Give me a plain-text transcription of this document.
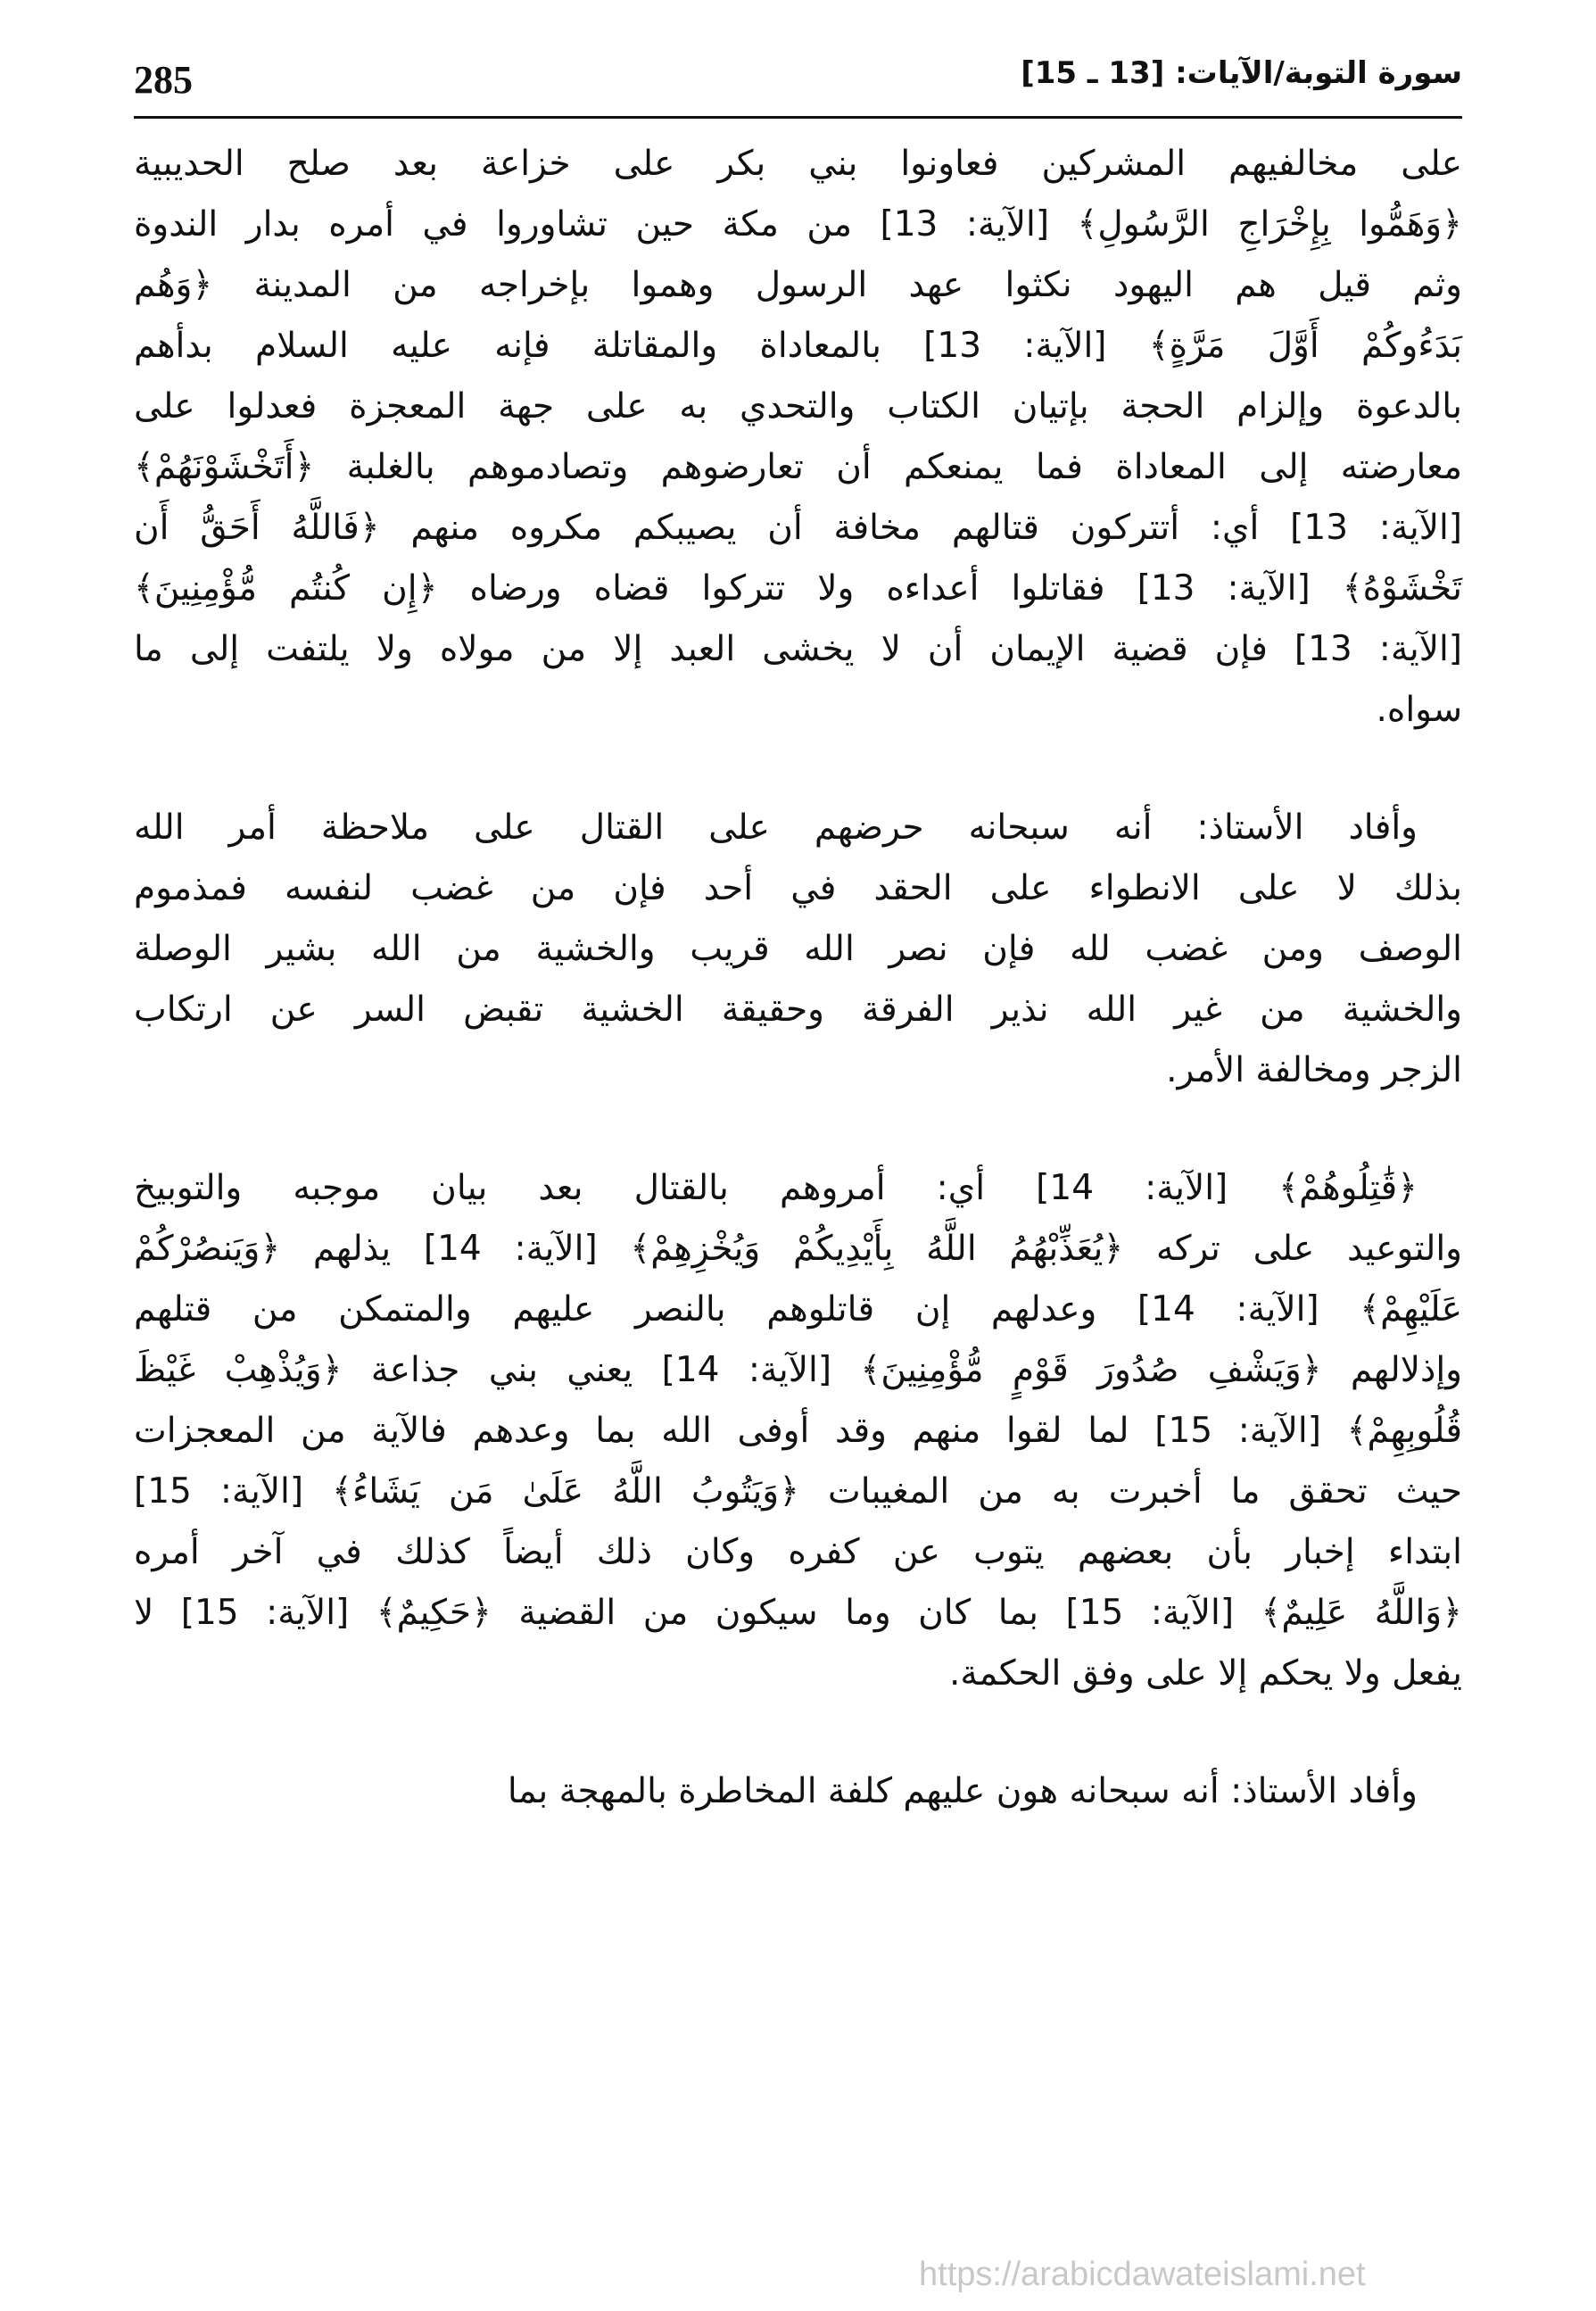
285	سورة التوبة/الآيات: [13 ـ 15]
على مخالفيهم المشركين فعاونوا بني بكر على خزاعة بعد صلح الحديبية
﴿وَهَمُّوا بِإِخْرَاجِ الرَّسُولِ﴾ [الآية: 13] من مكة حين تشاوروا في أمره بدار الندوة
وثم قيل هم اليهود نكثوا عهد الرسول وهموا بإخراجه من المدينة ﴿وَهُم
بَدَءُوكُمْ أَوَّلَ مَرَّةٍ﴾ [الآية: 13] بالمعاداة والمقاتلة فإنه عليه السلام بدأهم
بالدعوة وإلزام الحجة بإتيان الكتاب والتحدي به على جهة المعجزة فعدلوا على
معارضته إلى المعاداة فما يمنعكم أن تعارضوهم وتصادموهم بالغلبة ﴿أَتَخْشَوْنَهُمْ﴾
[الآية: 13] أي: أتتركون قتالهم مخافة أن يصيبكم مكروه منهم ﴿فَاللَّهُ أَحَقُّ أَن
تَخْشَوْهُ﴾ [الآية: 13] فقاتلوا أعداءه ولا تتركوا قضاه ورضاه ﴿إِن كُنتُم مُّؤْمِنِينَ﴾
[الآية: 13] فإن قضية الإيمان أن لا يخشى العبد إلا من مولاه ولا يلتفت إلى ما
سواه.
وأفاد الأستاذ: أنه سبحانه حرضهم على القتال على ملاحظة أمر الله
بذلك لا على الانطواء على الحقد في أحد فإن من غضب لنفسه فمذموم
الوصف ومن غضب لله فإن نصر الله قريب والخشية من الله بشير الوصلة
والخشية من غير الله نذير الفرقة وحقيقة الخشية تقبض السر عن ارتكاب
الزجر ومخالفة الأمر.
﴿قَٰتِلُوهُمْ﴾ [الآية: 14] أي: أمروهم بالقتال بعد بيان موجبه والتوبيخ
والتوعيد على تركه ﴿يُعَذِّبْهُمُ اللَّهُ بِأَيْدِيكُمْ وَيُخْزِهِمْ﴾ [الآية: 14] يذلهم ﴿وَيَنصُرْكُمْ
عَلَيْهِمْ﴾ [الآية: 14] وعدلهم إن قاتلوهم بالنصر عليهم والمتمكن من قتلهم
وإذلالهم ﴿وَيَشْفِ صُدُورَ قَوْمٍ مُّؤْمِنِينَ﴾ [الآية: 14] يعني بني جذاعة ﴿وَيُذْهِبْ غَيْظَ
قُلُوبِهِمْ﴾ [الآية: 15] لما لقوا منهم وقد أوفى الله بما وعدهم فالآية من المعجزات
حيث تحقق ما أخبرت به من المغيبات ﴿وَيَتُوبُ اللَّهُ عَلَىٰ مَن يَشَاءُ﴾ [الآية: 15]
ابتداء إخبار بأن بعضهم يتوب عن كفره وكان ذلك أيضاً كذلك في آخر أمره
﴿وَاللَّهُ عَلِيمٌ﴾ [الآية: 15] بما كان وما سيكون من القضية ﴿حَكِيمٌ﴾ [الآية: 15] لا
يفعل ولا يحكم إلا على وفق الحكمة.
وأفاد الأستاذ: أنه سبحانه هون عليهم كلفة المخاطرة بالمهجة بما
https://arabicdawateislami.net
